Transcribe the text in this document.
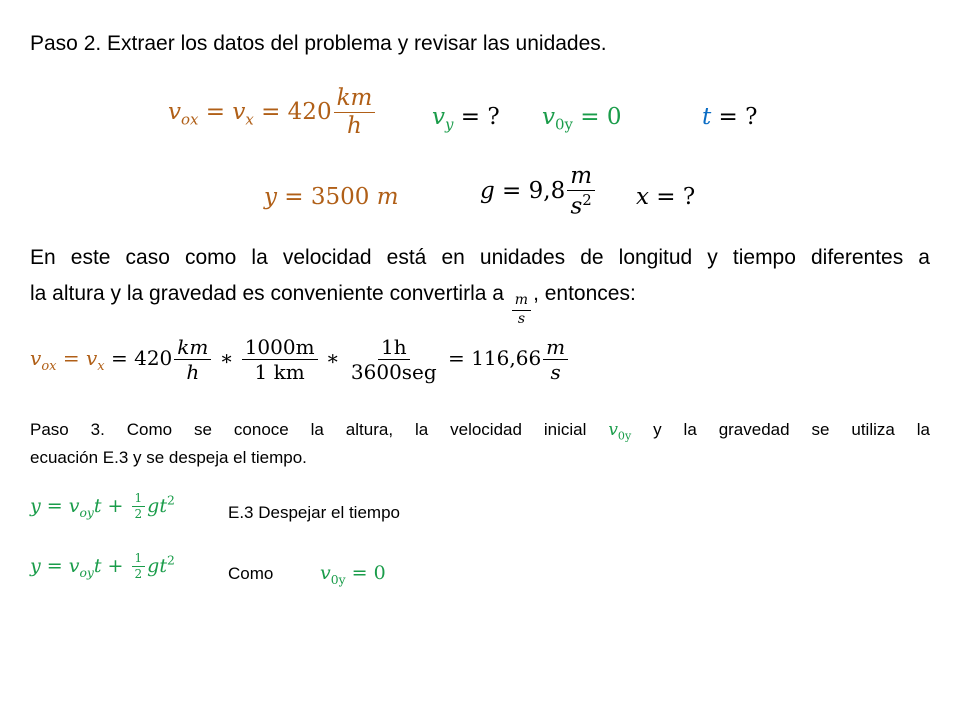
Paso 2. Extraer los datos del problema y revisar las unidades.
$v_{ox} = v_x = 420 \frac{km}{h} v_y$ = ? $v_{0y} = 0$	t = ?
y = 3500 m	$g = 9,8 \frac{m}{s^2}$ x = ?

En este caso como la velocidad está en unidades de longitud y tiempo diferentes a

la altura y la gravedad es conveniente convertirla a $\frac{m}{s}$ , entonces:

$v_{ox} = v_x = 420 \frac{km}{h}$ ∗ $\frac{1000m}{1 km}$ ∗ $\frac{1h}{\text{3600seg}} = 116,66 \frac{m}{s}$

Paso 3. Como se conoce la altura, la velocidad inicial $v_{0y}$ y la gravedad se utiliza la

ecuación E.3 y se despeja el tiempo.

$y = v_{oy}t + \frac{1}{2} gt^2$
E.3 Despejar el tiempo
$y = v_{oy}t + \frac{1}{2} gt^2$
Como $v_{0y} = 0$
